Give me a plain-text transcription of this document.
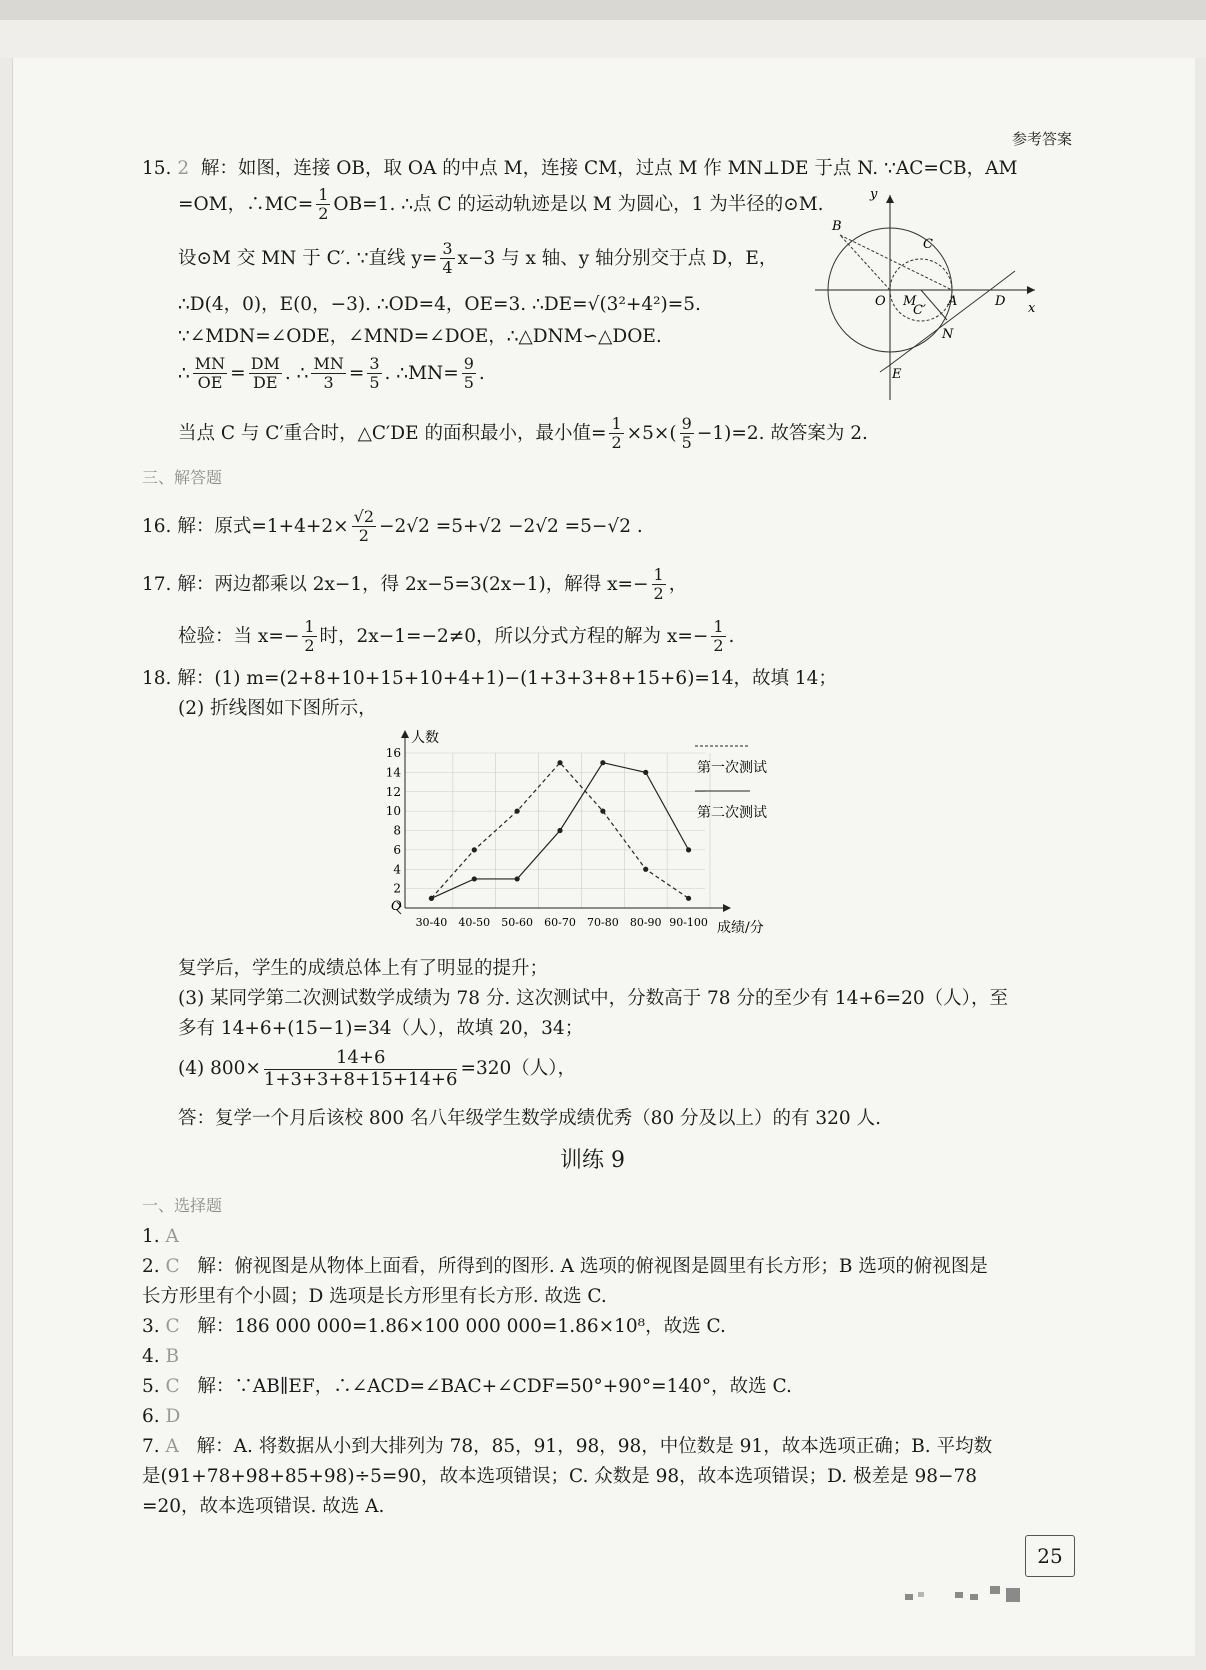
参考答案
15. 2 解：如图，连接 OB，取 OA 的中点 M，连接 CM，过点 M 作 MN⊥DE 于点 N. ∵AC=CB，AM
=OM，∴MC= $\frac{1}{2} OB=1$. ∴点 C 的运动轨迹是以 M 为圆心，1 为半径的⊙M.
设⊙M 交 MN 于 C′. ∵直线 $y= \frac{3}{4} x-3$ 与 x 轴、y 轴分别交于点 D，E，
∴D(4，0)，E(0，−3). ∴OD=4，OE=3. ∴DE=√(3²+4²)=5.
∵∠MDN=∠ODE，∠MND=∠DOE，∴△DNM∽△DOE.
∴ $\frac{MN}{OE} = \frac{DM}{DE}$ . ∴ $\frac{MN}{3} = \frac{3}{5}$ . ∴MN= $\frac{9}{5}$ .
当点 C 与 C′重合时，△C′DE 的面积最小，最小值= $\frac{1}{2} \times 5\times( \frac{9}{5} -1)=2$. 故答案为 2.
y
x
B
C
O M
C′
A	D
N
E
三、解答题
16. 解：原式$=1+4+2\times \frac{√2}{2} -2√2 =5+√2 -2√2 =5-√2$ .
17. 解：两边都乘以 2x−1，得 2x−5=3(2x−1)，解得 $x=- \frac{1}{2}$ ，
检验：当 $x=- \frac{1}{2}$ 时，2x−1=−2≠0，所以分式方程的解为 $x=- \frac{1}{2}$ .
18. 解：(1) m=(2+8+10+15+10+4+1)−(1+3+3+8+15+6)=14，故填 14；
(2) 折线图如下图所示，
O
人数
成绩/分
2
4
6
8
10
12
14
16
30-40 40-50 50-60 60-70 70-80 80-90 90-100
第一次测试
第二次测试
复学后，学生的成绩总体上有了明显的提升；
(3) 某同学第二次测试数学成绩为 78 分. 这次测试中，分数高于 78 分的至少有 14+6=20（人），至
多有 14+6+(15−1)=34（人），故填 20，34；
(4) $800\times \frac{14+6}{1+3+3+8+15+14+6} =320$（人），
答：复学一个月后该校 800 名八年级学生数学成绩优秀（80 分及以上）的有 320 人.
训练 9
一、选择题
1. A
2. C 解：俯视图是从物体上面看，所得到的图形. A 选项的俯视图是圆里有长方形；B 选项的俯视图是
长方形里有个小圆；D 选项是长方形里有长方形. 故选 C.
3. C 解：186 000 000=1.86×100 000 000=1.86×10⁸，故选 C.
4. B
5. C 解：∵AB∥EF，∴∠ACD=∠BAC+∠CDF=50°+90°=140°，故选 C.
6. D
7. A 解：A. 将数据从小到大排列为 78，85，91，98，98，中位数是 91，故本选项正确；B. 平均数
是(91+78+98+85+98)÷5=90，故本选项错误；C. 众数是 98，故本选项错误；D. 极差是 98−78
=20，故本选项错误. 故选 A.
25
